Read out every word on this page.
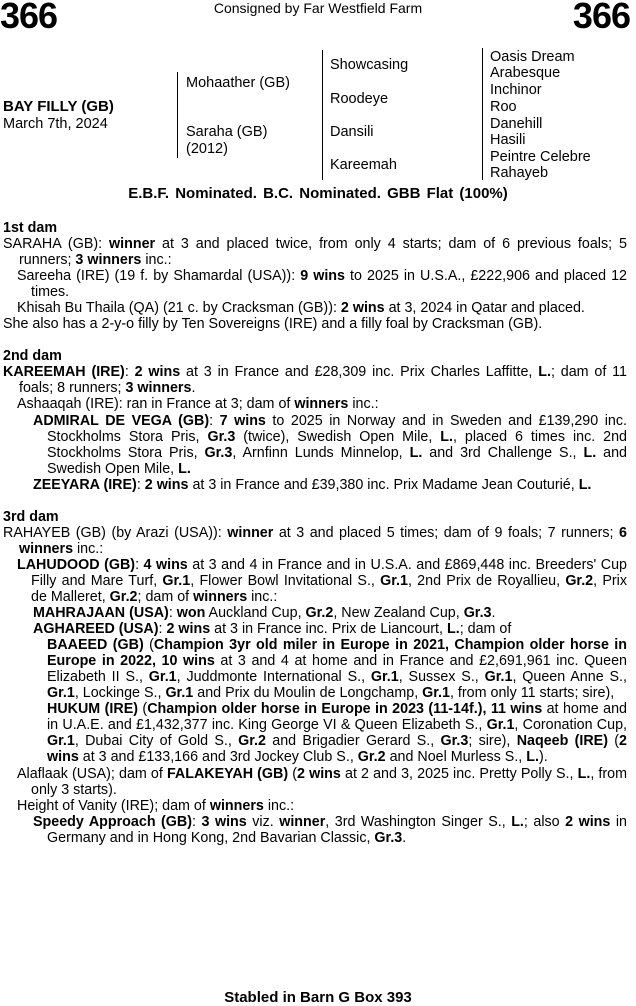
366	Consigned by Far Westfield Farm	366
BAY FILLY (GB)
March 7th, 2024
Mohaather (GB)
Saraha (GB)
(2012)
Showcasing
Roodeye
Dansili
Kareemah
Oasis Dream
Arabesque
Inchinor
Roo
Danehill
Hasili
Peintre Celebre
Rahayeb
E.B.F. Nominated. B.C. Nominated. GBB Flat (100%)

1st dam

SARAHA (GB): winner at 3 and placed twice, from only 4 starts; dam of 6 previous foals; 5 runners; 3 winners inc.:

Sareeha (IRE) (19 f. by Shamardal (USA)): 9 wins to 2025 in U.S.A., £222,906 and placed 12 times.

Khisah Bu Thaila (QA) (21 c. by Cracksman (GB)): 2 wins at 3, 2024 in Qatar and placed.

She also has a 2-y-o filly by Ten Sovereigns (IRE) and a filly foal by Cracksman (GB).

2nd dam

KAREEMAH (IRE): 2 wins at 3 in France and £28,309 inc. Prix Charles Laffitte, L.; dam of 11 foals; 8 runners; 3 winners.

Ashaaqah (IRE): ran in France at 3; dam of winners inc.:

ADMIRAL DE VEGA (GB): 7 wins to 2025 in Norway and in Sweden and £139,290 inc. Stockholms Stora Pris, Gr.3 (twice), Swedish Open Mile, L., placed 6 times inc. 2nd Stockholms Stora Pris, Gr.3, Arnfinn Lunds Minnelop, L. and 3rd Challenge S., L. and Swedish Open Mile, L.

ZEEYARA (IRE): 2 wins at 3 in France and £39,380 inc. Prix Madame Jean Couturié, L.

3rd dam

RAHAYEB (GB) (by Arazi (USA)): winner at 3 and placed 5 times; dam of 9 foals; 7 runners; 6 winners inc.:

LAHUDOOD (GB): 4 wins at 3 and 4 in France and in U.S.A. and £869,448 inc. Breeders' Cup Filly and Mare Turf, Gr.1, Flower Bowl Invitational S., Gr.1, 2nd Prix de Royallieu, Gr.2, Prix de Malleret, Gr.2; dam of winners inc.:

MAHRAJAAN (USA): won Auckland Cup, Gr.2, New Zealand Cup, Gr.3.

AGHAREED (USA): 2 wins at 3 in France inc. Prix de Liancourt, L.; dam of

BAAEED (GB) (Champion 3yr old miler in Europe in 2021, Champion older horse in Europe in 2022, 10 wins at 3 and 4 at home and in France and £2,691,961 inc. Queen Elizabeth II S., Gr.1, Juddmonte International S., Gr.1, Sussex S., Gr.1, Queen Anne S., Gr.1, Lockinge S., Gr.1 and Prix du Moulin de Longchamp, Gr.1, from only 11 starts; sire),

HUKUM (IRE) (Champion older horse in Europe in 2023 (11-14f.), 11 wins at home and in U.A.E. and £1,432,377 inc. King George VI & Queen Elizabeth S., Gr.1, Coronation Cup, Gr.1, Dubai City of Gold S., Gr.2 and Brigadier Gerard S., Gr.3; sire), Naqeeb (IRE) (2 wins at 3 and £133,166 and 3rd Jockey Club S., Gr.2 and Noel Murless S., L.).

Alaflaak (USA); dam of FALAKEYAH (GB) (2 wins at 2 and 3, 2025 inc. Pretty Polly S., L., from only 3 starts).

Height of Vanity (IRE); dam of winners inc.:

Speedy Approach (GB): 3 wins viz. winner, 3rd Washington Singer S., L.; also 2 wins in Germany and in Hong Kong, 2nd Bavarian Classic, Gr.3.

Stabled in Barn G Box 393
